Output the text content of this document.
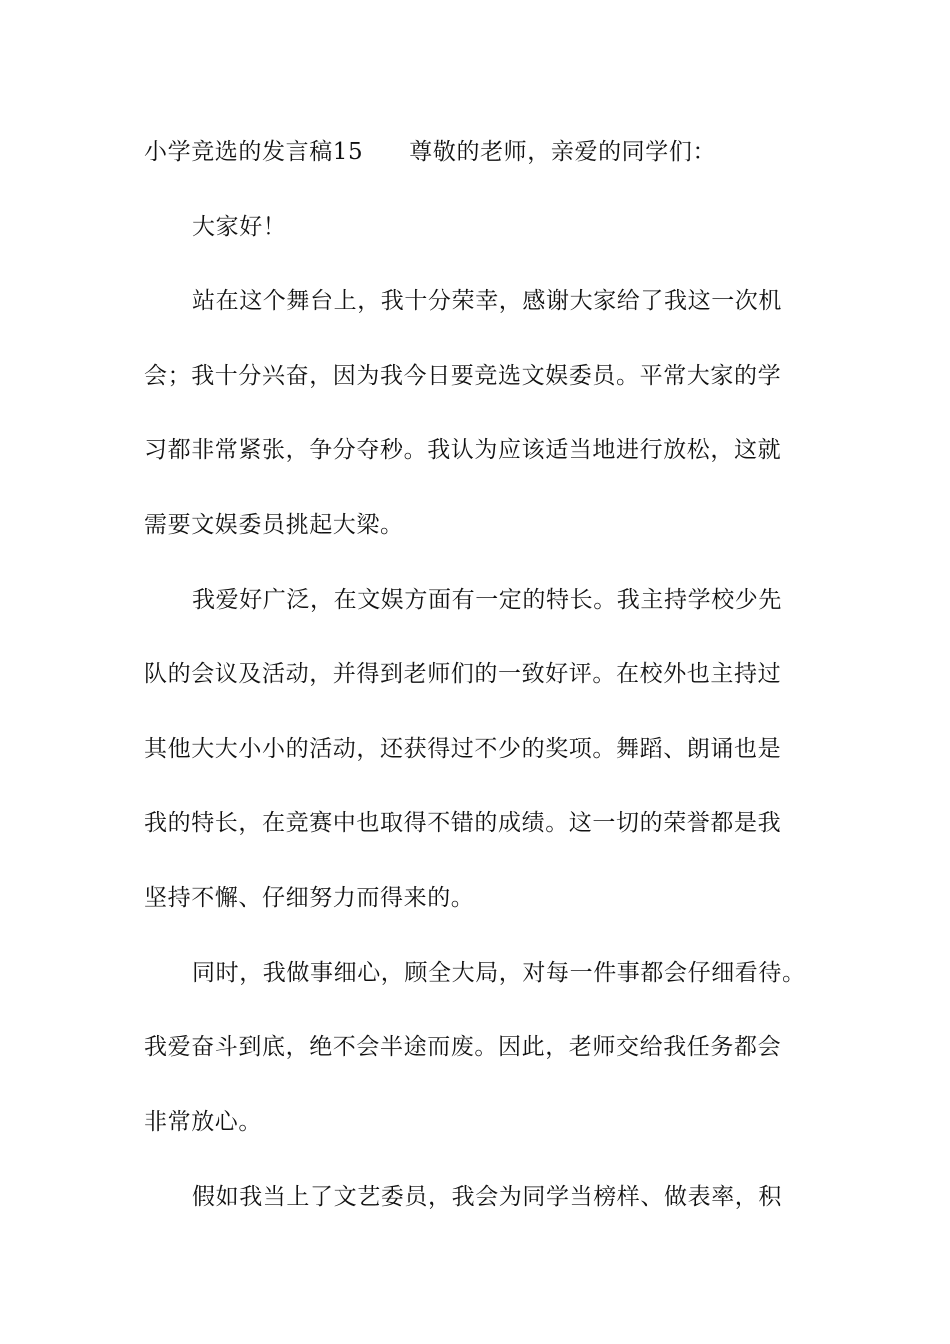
小学竞选的发言稿15 尊敬的老师，亲爱的同学们：

大家好！

站在这个舞台上，我十分荣幸，感谢大家给了我这一次机

会；我十分兴奋，因为我今日要竞选文娱委员。平常大家的学

习都非常紧张，争分夺秒。我认为应该适当地进行放松，这就

需要文娱委员挑起大梁。

我爱好广泛，在文娱方面有一定的特长。我主持学校少先

队的会议及活动，并得到老师们的一致好评。在校外也主持过

其他大大小小的活动，还获得过不少的奖项。舞蹈、朗诵也是

我的特长，在竞赛中也取得不错的成绩。这一切的荣誉都是我

坚持不懈、仔细努力而得来的。

同时，我做事细心，顾全大局，对每一件事都会仔细看待。

我爱奋斗到底，绝不会半途而废。因此，老师交给我任务都会

非常放心。

假如我当上了文艺委员，我会为同学当榜样、做表率，积
